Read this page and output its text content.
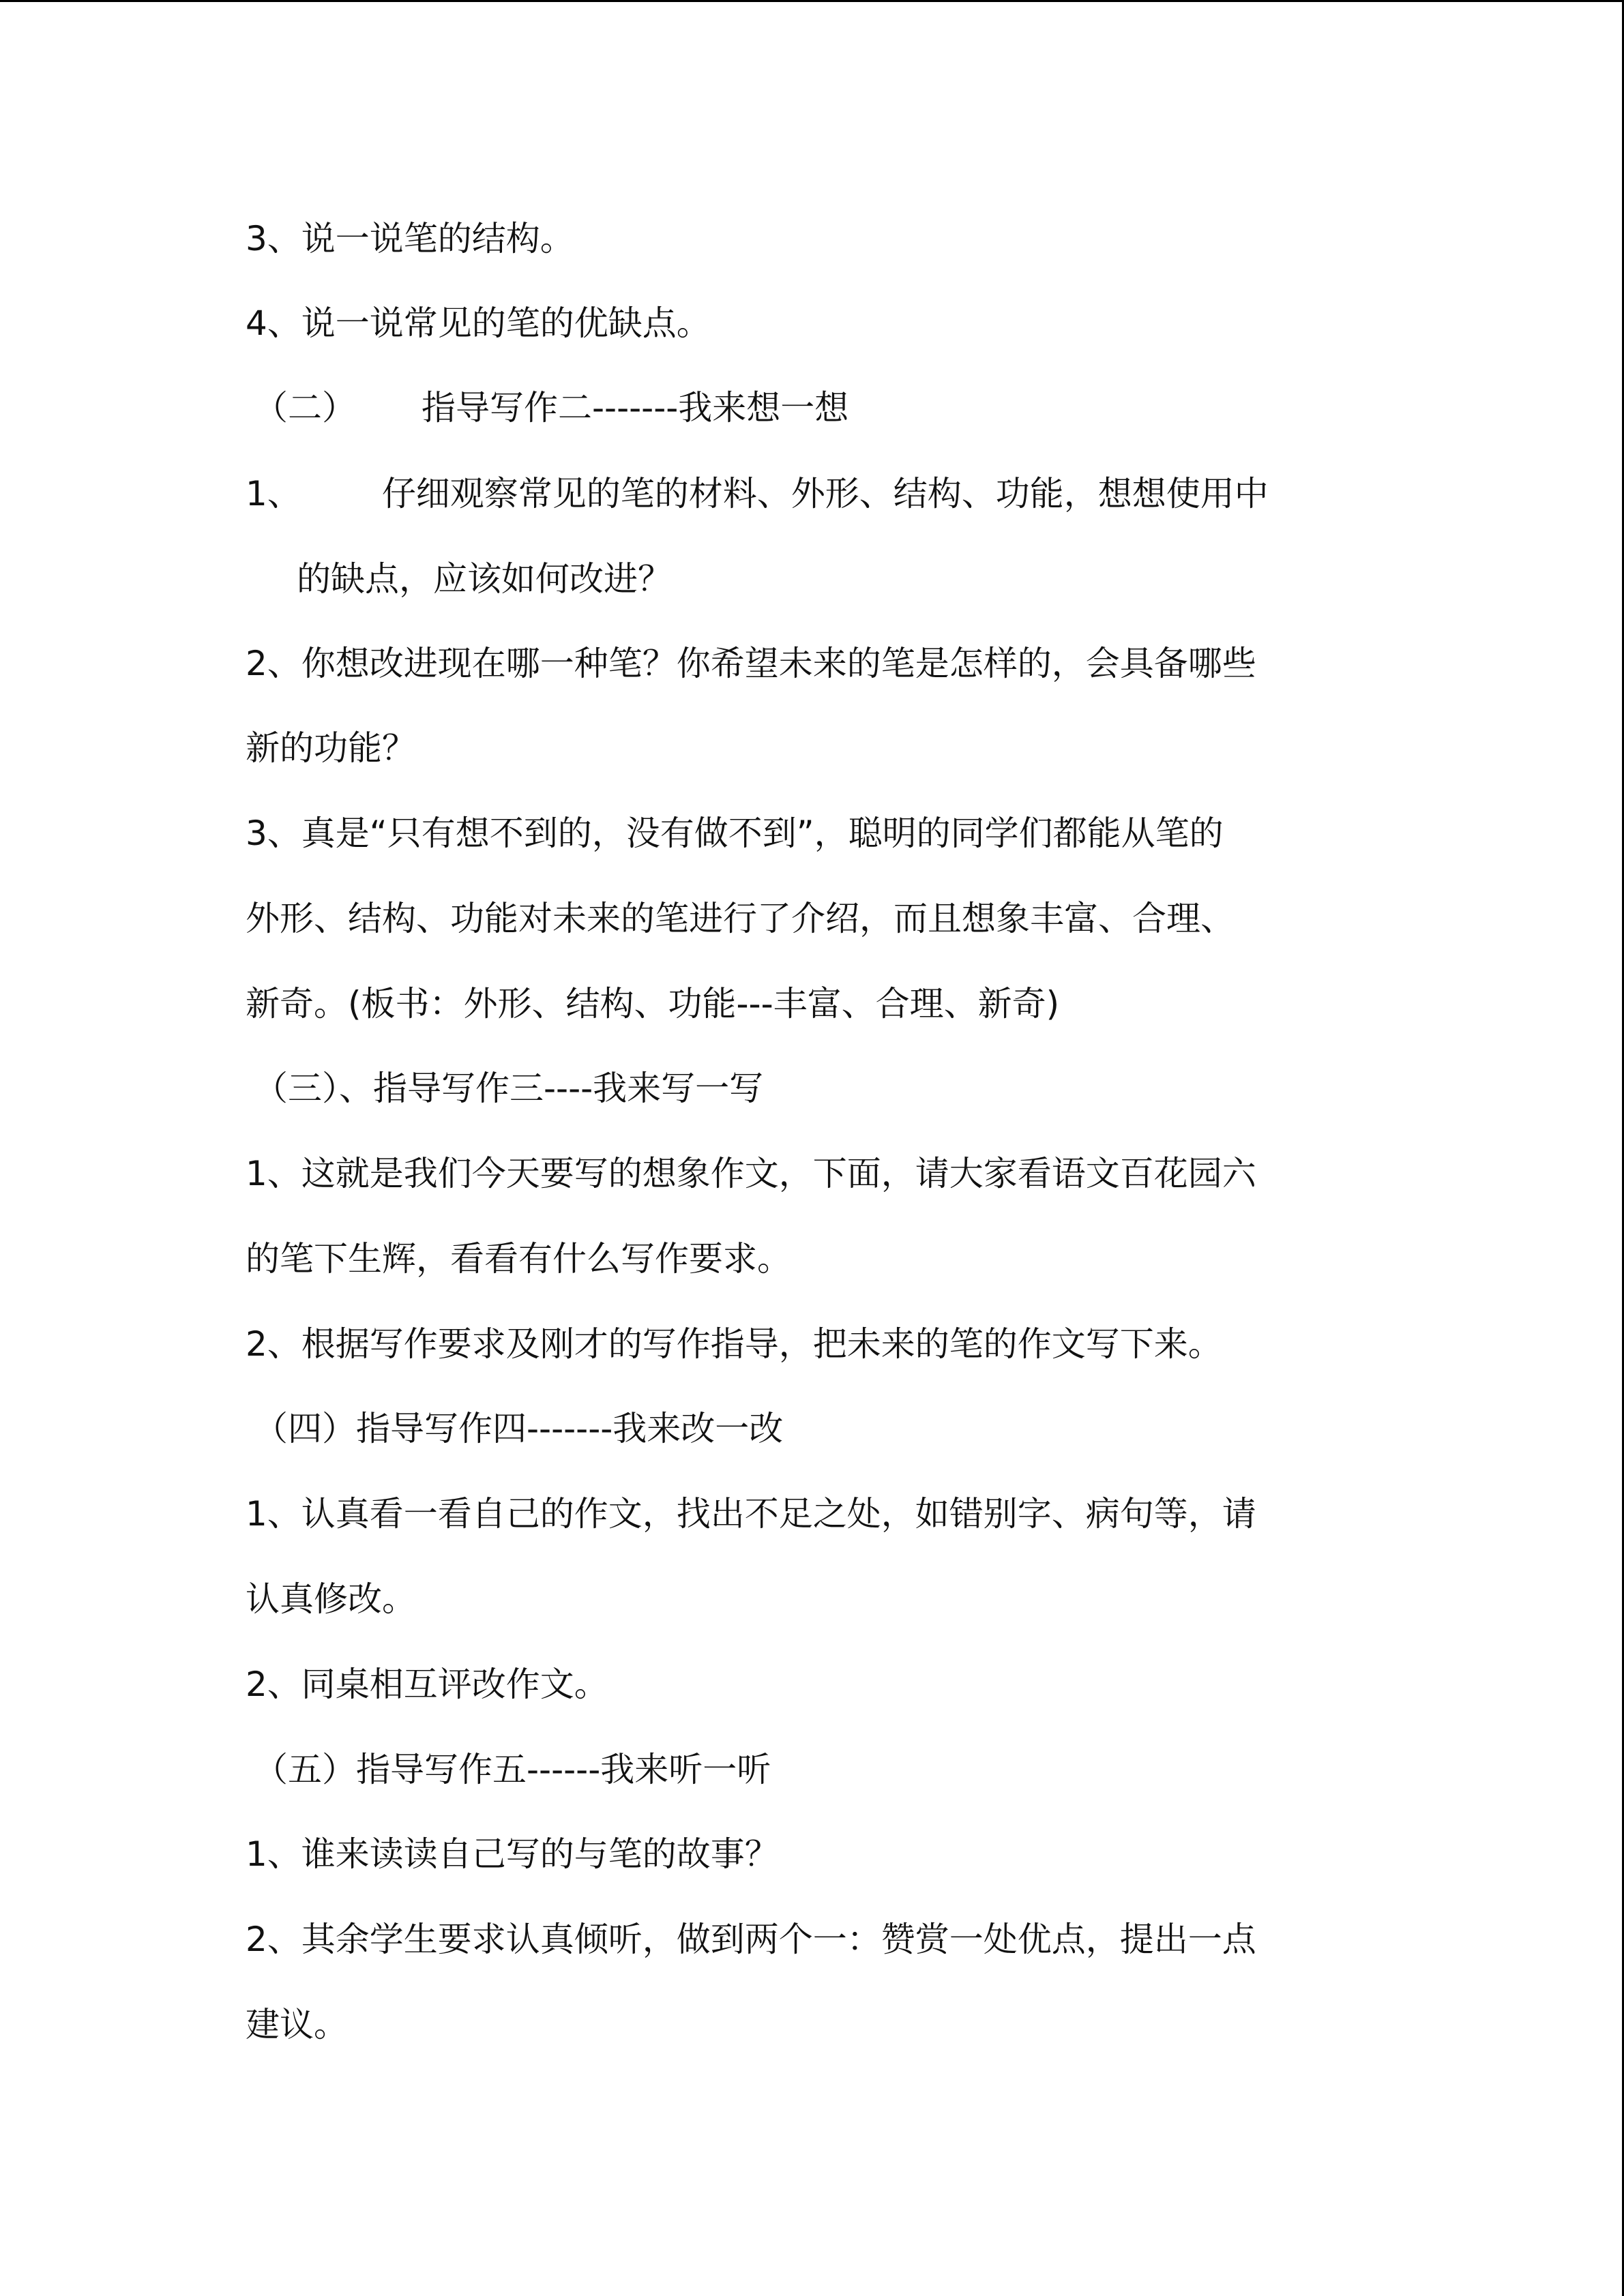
3、说一说笔的结构。

4、说一说常见的笔的优缺点。

（二） 指导写作二-------我来想一想

1、 仔细观察常见的笔的材料、外形、结构、功能，想想使用中

的缺点，应该如何改进？

2、你想改进现在哪一种笔？你希望未来的笔是怎样的，会具备哪些

新的功能？

3、真是“只有想不到的，没有做不到”，聪明的同学们都能从笔的

外形、结构、功能对未来的笔进行了介绍，而且想象丰富、合理、

新奇。(板书：外形、结构、功能---丰富、合理、新奇)

（三）、指导写作三----我来写一写

1、这就是我们今天要写的想象作文，下面，请大家看语文百花园六

的笔下生辉，看看有什么写作要求。

2、根据写作要求及刚才的写作指导，把未来的笔的作文写下来。

（四）指导写作四-------我来改一改

1、认真看一看自己的作文，找出不足之处，如错别字、病句等，请

认真修改。

2、同桌相互评改作文。

（五）指导写作五------我来听一听

1、谁来读读自己写的与笔的故事？

2、其余学生要求认真倾听，做到两个一：赞赏一处优点，提出一点

建议。
